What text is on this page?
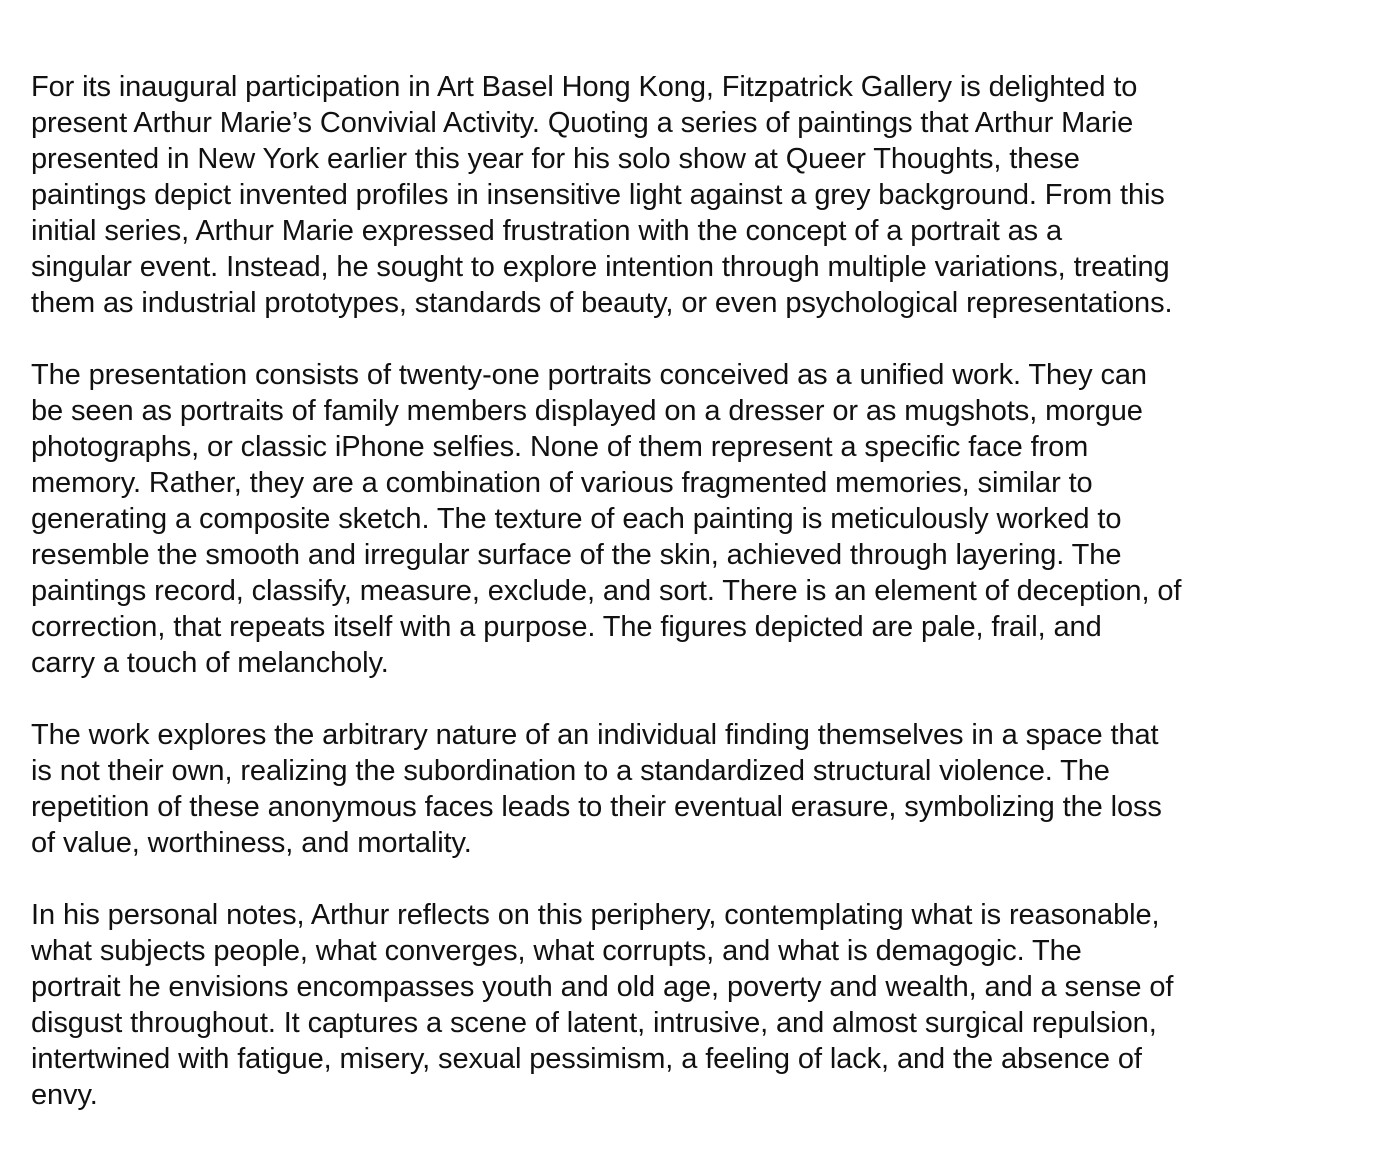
For its inaugural participation in Art Basel Hong Kong, Fitzpatrick Gallery is delighted to
present Arthur Marie’s Convivial Activity. Quoting a series of paintings that Arthur Marie
presented in New York earlier this year for his solo show at Queer Thoughts, these
paintings depict invented profiles in insensitive light against a grey background. From this
initial series, Arthur Marie expressed frustration with the concept of a portrait as a
singular event. Instead, he sought to explore intention through multiple variations, treating
them as industrial prototypes, standards of beauty, or even psychological representations.

The presentation consists of twenty-one portraits conceived as a unified work. They can
be seen as portraits of family members displayed on a dresser or as mugshots, morgue
photographs, or classic iPhone selfies. None of them represent a specific face from
memory. Rather, they are a combination of various fragmented memories, similar to
generating a composite sketch. The texture of each painting is meticulously worked to
resemble the smooth and irregular surface of the skin, achieved through layering. The
paintings record, classify, measure, exclude, and sort. There is an element of deception, of
correction, that repeats itself with a purpose. The figures depicted are pale, frail, and
carry a touch of melancholy.

The work explores the arbitrary nature of an individual finding themselves in a space that
is not their own, realizing the subordination to a standardized structural violence. The
repetition of these anonymous faces leads to their eventual erasure, symbolizing the loss
of value, worthiness, and mortality.

In his personal notes, Arthur reflects on this periphery, contemplating what is reasonable,
what subjects people, what converges, what corrupts, and what is demagogic. The
portrait he envisions encompasses youth and old age, poverty and wealth, and a sense of
disgust throughout. It captures a scene of latent, intrusive, and almost surgical repulsion,
intertwined with fatigue, misery, sexual pessimism, a feeling of lack, and the absence of
envy.
